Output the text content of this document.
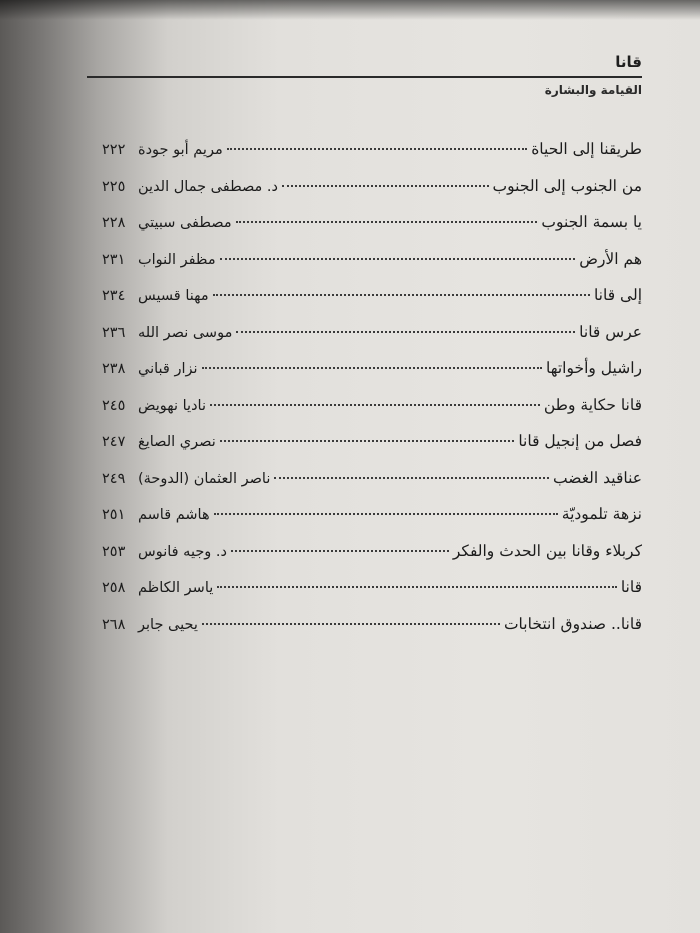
قانا
القيامة والبشارة
طريقنا إلى الحياة
مريم أبو جودة
٢٢٢
من الجنوب إلى الجنوب
د. مصطفى جمال الدين
٢٢٥
يا بسمة الجنوب
مصطفى سبيتي
٢٢٨
هم الأرض
مظفر النواب
٢٣١
إلى قانا
مهنا قسيس
٢٣٤
عرس قانا
موسى نصر الله
٢٣٦
راشيل وأخواتها
نزار قباني
٢٣٨
قانا حكاية وطن
ناديا نهويض
٢٤٥
فصل من إنجيل قانا
نصري الصايغ
٢٤٧
عناقيد الغضب
ناصر العثمان (الدوحة)
٢٤٩
نزهة تلموديّة
هاشم قاسم
٢٥١
كربلاء وقانا بين الحدث والفكر
د. وجيه فانوس
٢٥٣
قانا
ياسر الكاظم
٢٥٨
قانا.. صندوق انتخابات
يحيى جابر
٢٦٨
